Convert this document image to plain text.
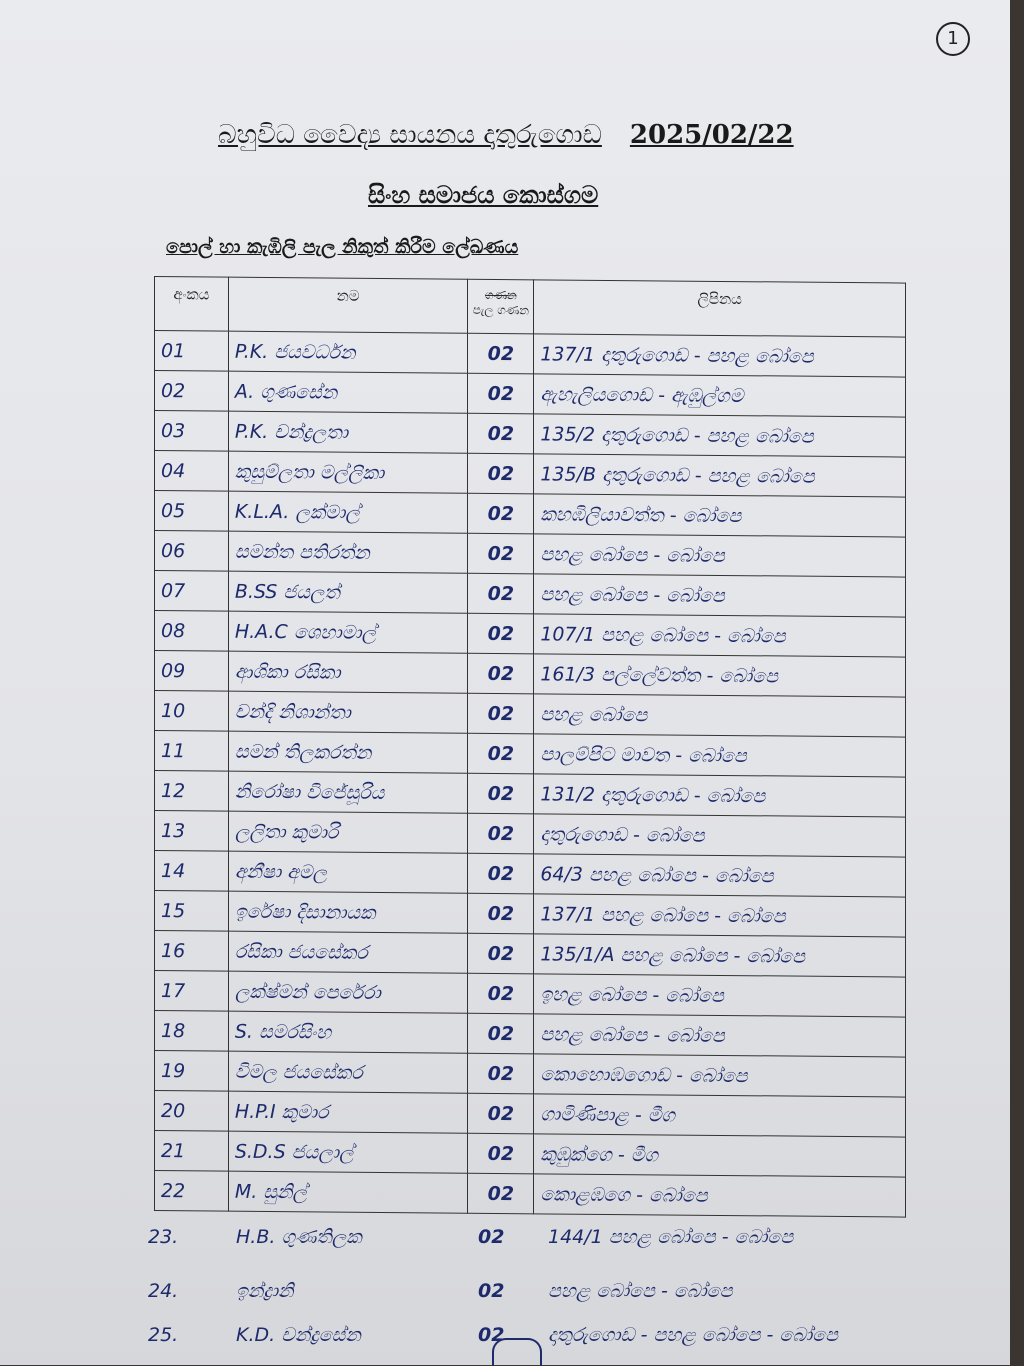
1
බහුවිධ වෛද්‍ය සායනය දාතුරුගොඩ 2025/02/22
සිංහ සමාජය කොස්ගම
පොල් හා කැඹිලි පැල නිකුත් කිරීම ලේඛණය
අංකය	නම	ගණන
පැල ගණන	ලිපිනය
01	P.K. ජයවර්ධන	02	137/1 දාතුරුගොඩ - පහළ බෝපෙ
02	A. ගුණසේන	02	ඇහැලියගොඩ - ඇඹුල්ගම
03	P.K. චන්ද්‍රලතා	02	135/2 දාතුරුගොඩ - පහළ බෝපෙ
04	කුසුම්ලතා මල්ලිකා	02	135/B දාතුරුගොඩ - පහළ බෝපෙ
05	K.L.A. ලක්මාල්	02	කහඹිලියාවත්ත - බෝපෙ
06	සමන්ත පතිරත්න	02	පහළ බෝපෙ - බෝපෙ
07	B.SS ජයලත්	02	පහළ බෝපෙ - බෝපෙ
08	H.A.C ශෙහාමාල්	02	107/1 පහළ බෝපෙ - බෝපෙ
09	ආශිකා රසිකා	02	161/3 පල්ලේවත්ත - බෝපෙ
10	චන්දි නිශාන්තා	02	පහළ බෝපෙ
11	සමන් තිලකරත්න	02	පාලම්පිට මාවත - බෝපෙ
12	නිරෝෂා විජේසූරිය	02	131/2 දාතුරුගොඩ - බෝපෙ
13	ලලිතා කුමාරි	02	දාතුරුගොඩ - බෝපෙ
14	අනීෂා අමල	02	64/3 පහළ බෝපෙ - බෝපෙ
15	ඉරේෂා දිසානායක	02	137/1 පහළ බෝපෙ - බෝපෙ
16	රසිකා ජයසේකර	02	135/1/A පහළ බෝපෙ - බෝපෙ
17	ලක්ෂ්මන් පෙරේරා	02	ඉහළ බෝපෙ - බෝපෙ
18	S. සමරසිංහ	02	පහළ බෝපෙ - බෝපෙ
19	විමල ජයසේකර	02	කොහොඹගොඩ - බෝපෙ
20	H.P.I කුමාර	02	ගාමිණිපාළ - මීග
21	S.D.S ජයලාල්	02	කුඹුක්ගෙ - මීග
22	M. සුනිල්	02	කොළඹගෙ - බෝපෙ
23.	H.B. ගුණතිලක	02 144/1 පහළ බෝපෙ - බෝපෙ
24.	ඉන්ද්‍රානි	02 පහළ බෝපෙ - බෝපෙ
25.	K.D. චන්ද්‍රසේන	02 දාතුරුගොඩ - පහළ බෝපෙ - බෝපෙ
